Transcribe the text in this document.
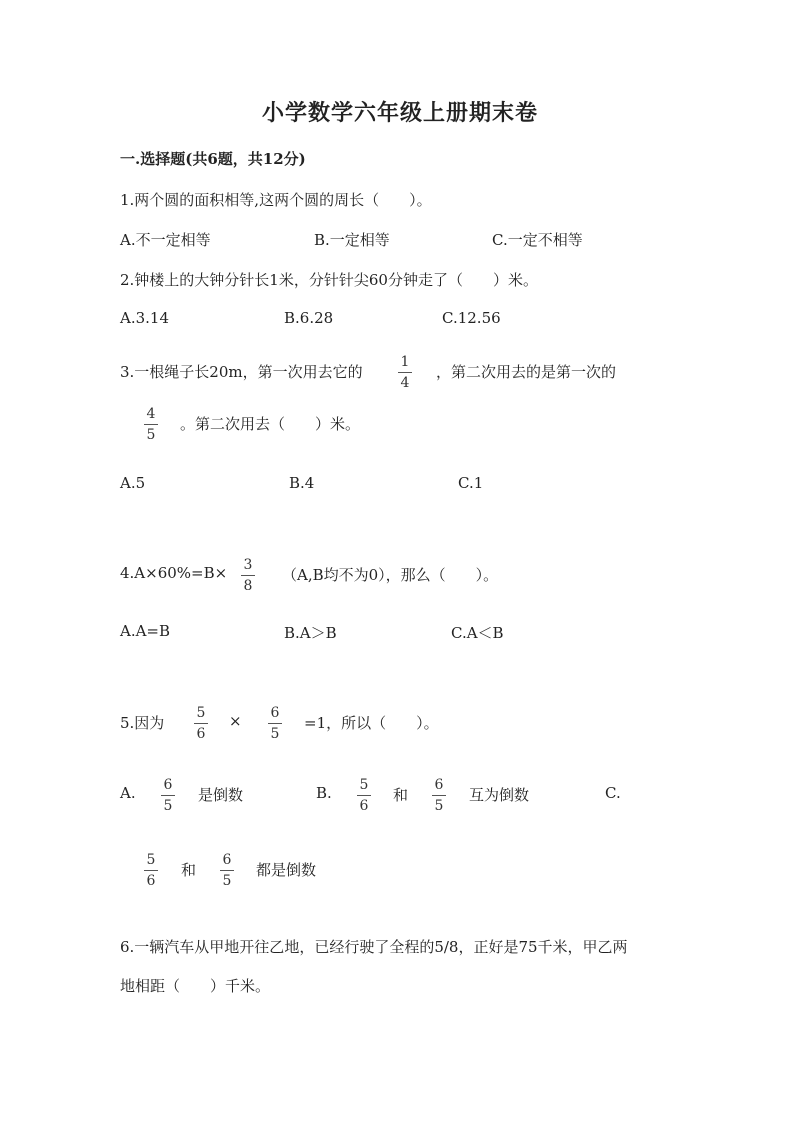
小学数学六年级上册期末卷
一.选择题(共6题，共12分)
1.两个圆的面积相等,这两个圆的周长（　　）。
A.不一定相等	B.一定相等	C.一定不相等
2.钟楼上的大钟分针长1米，分针针尖60分钟走了（　　）米。
A.3.14	B.6.28	C.12.56
3.一根绳子长20m，第一次用去它的
1
4
，第二次用去的是第一次的
4
5
。第二次用去（　　）米。
A.5	B.4	C.1
4.A×60%=B× 3
8
（A,B均不为0），那么（　　）。
A.A=B	B.A＞B	C.A＜B
5.因为
5
6
× 6
5
=1，所以（　　）。
A. 6
5
是倒数	B. 5
6
和
6
5
互为倒数	C.
5
6
和
6
5
都是倒数
6.一辆汽车从甲地开往乙地，已经行驶了全程的5/8，正好是75千米，甲乙两
地相距（　　）千米。
